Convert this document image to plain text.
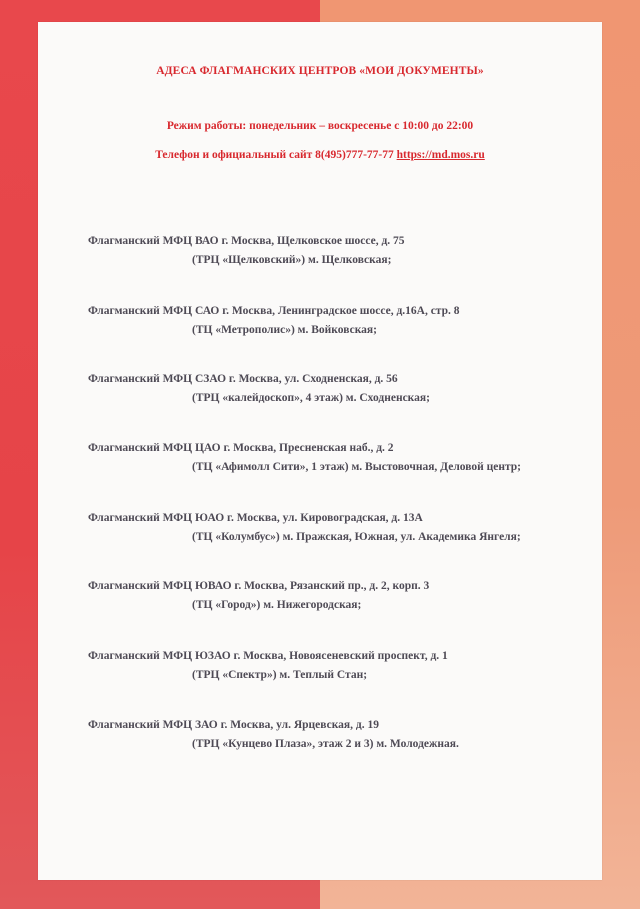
АДЕСА ФЛАГМАНСКИХ ЦЕНТРОВ «МОИ ДОКУМЕНТЫ»
Режим работы: понедельник – воскресенье с 10:00 до 22:00
Телефон и официальный сайт 8(495)777-77-77 https://md.mos.ru
Флагманский МФЦ ВАО г. Москва, Щелковское шоссе, д. 75
(ТРЦ «Щелковский») м. Щелковская;
Флагманский МФЦ САО г. Москва, Ленинградское шоссе, д.16А, стр. 8
(ТЦ «Метрополис») м. Войковская;
Флагманский МФЦ СЗАО г. Москва, ул. Сходненская, д. 56
(ТРЦ «калейдоскоп», 4 этаж) м. Сходненская;
Флагманский МФЦ ЦАО г. Москва, Пресненская наб., д. 2
(ТЦ «Афимолл Сити», 1 этаж) м. Выстовочная, Деловой центр;
Флагманский МФЦ ЮАО г. Москва, ул. Кировоградская, д. 13А
(ТЦ «Колумбус») м. Пражская, Южная, ул. Академика Янгеля;
Флагманский МФЦ ЮВАО г. Москва, Рязанский пр., д. 2, корп. 3
(ТЦ «Город») м. Нижегородская;
Флагманский МФЦ ЮЗАО г. Москва, Новоясеневский проспект, д. 1
(ТРЦ «Спектр») м. Теплый Стан;
Флагманский МФЦ ЗАО г. Москва, ул. Ярцевская, д. 19
(ТРЦ «Кунцево Плаза», этаж 2 и 3) м. Молодежная.
